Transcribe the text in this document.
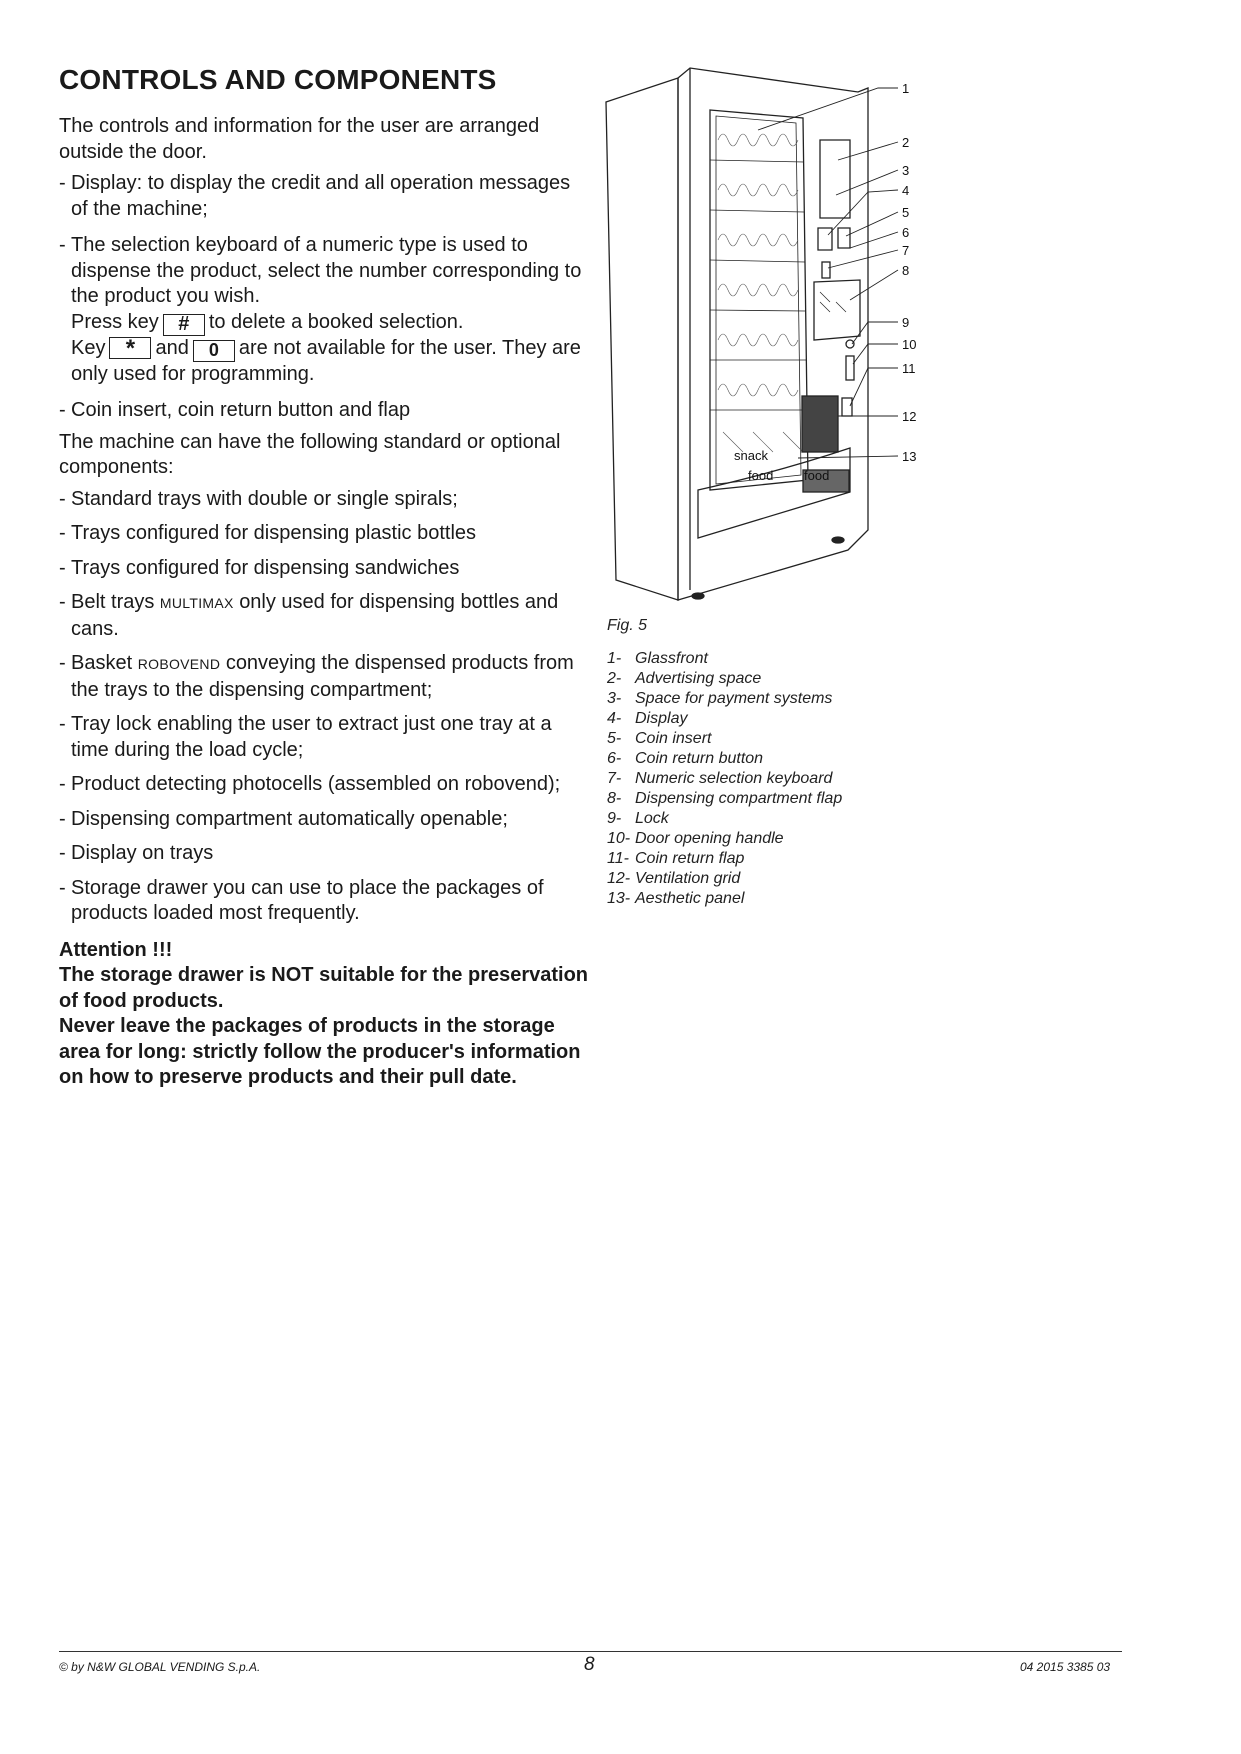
CONTROLS AND COMPONENTS

The controls and information for the user are arranged outside the door.

- Display: to display the credit and all operation messages of the machine;
- The selection keyboard of a numeric type is used to dispense the product, select the number corresponding to the product you wish.
Press key # to delete a booked selection.
Key * and 0 are not available for the user. They are only used for programming.
- Coin insert, coin return button and flap

The machine can have the following standard or optional components:

- Standard trays with double or single spirals;
- Trays configured for dispensing plastic bottles
- Trays configured for dispensing sandwiches
- Belt trays MULTIMAX only used for dispensing bottles and cans.
- Basket ROBOVEND conveying the dispensed products from the trays to the dispensing compartment;
- Tray lock enabling the user to extract just one tray at a time during the load cycle;
- Product detecting photocells (assembled on robovend);
- Dispensing compartment automatically openable;
- Display on trays
- Storage drawer you can use to place the packages of products loaded most frequently.
Attention !!!
The storage drawer is NOT suitable for the preservation of food products.
Never leave the packages of products in the storage area for long: strictly follow the producer's information on how to preserve products and their pull date.
snack
food food
1
2
3
4
5
6
7
8
9
10
11
12
13
Fig. 5
1- Glassfront
2- Advertising space
3- Space for payment systems
4- Display
5- Coin insert
6- Coin return button
7- Numeric selection keyboard
8- Dispensing compartment flap
9- Lock
10- Door opening handle
11- Coin return flap
12- Ventilation grid
13- Aesthetic panel
© by N&W GLOBAL VENDING S.p.A.	8	04 2015 3385 03
